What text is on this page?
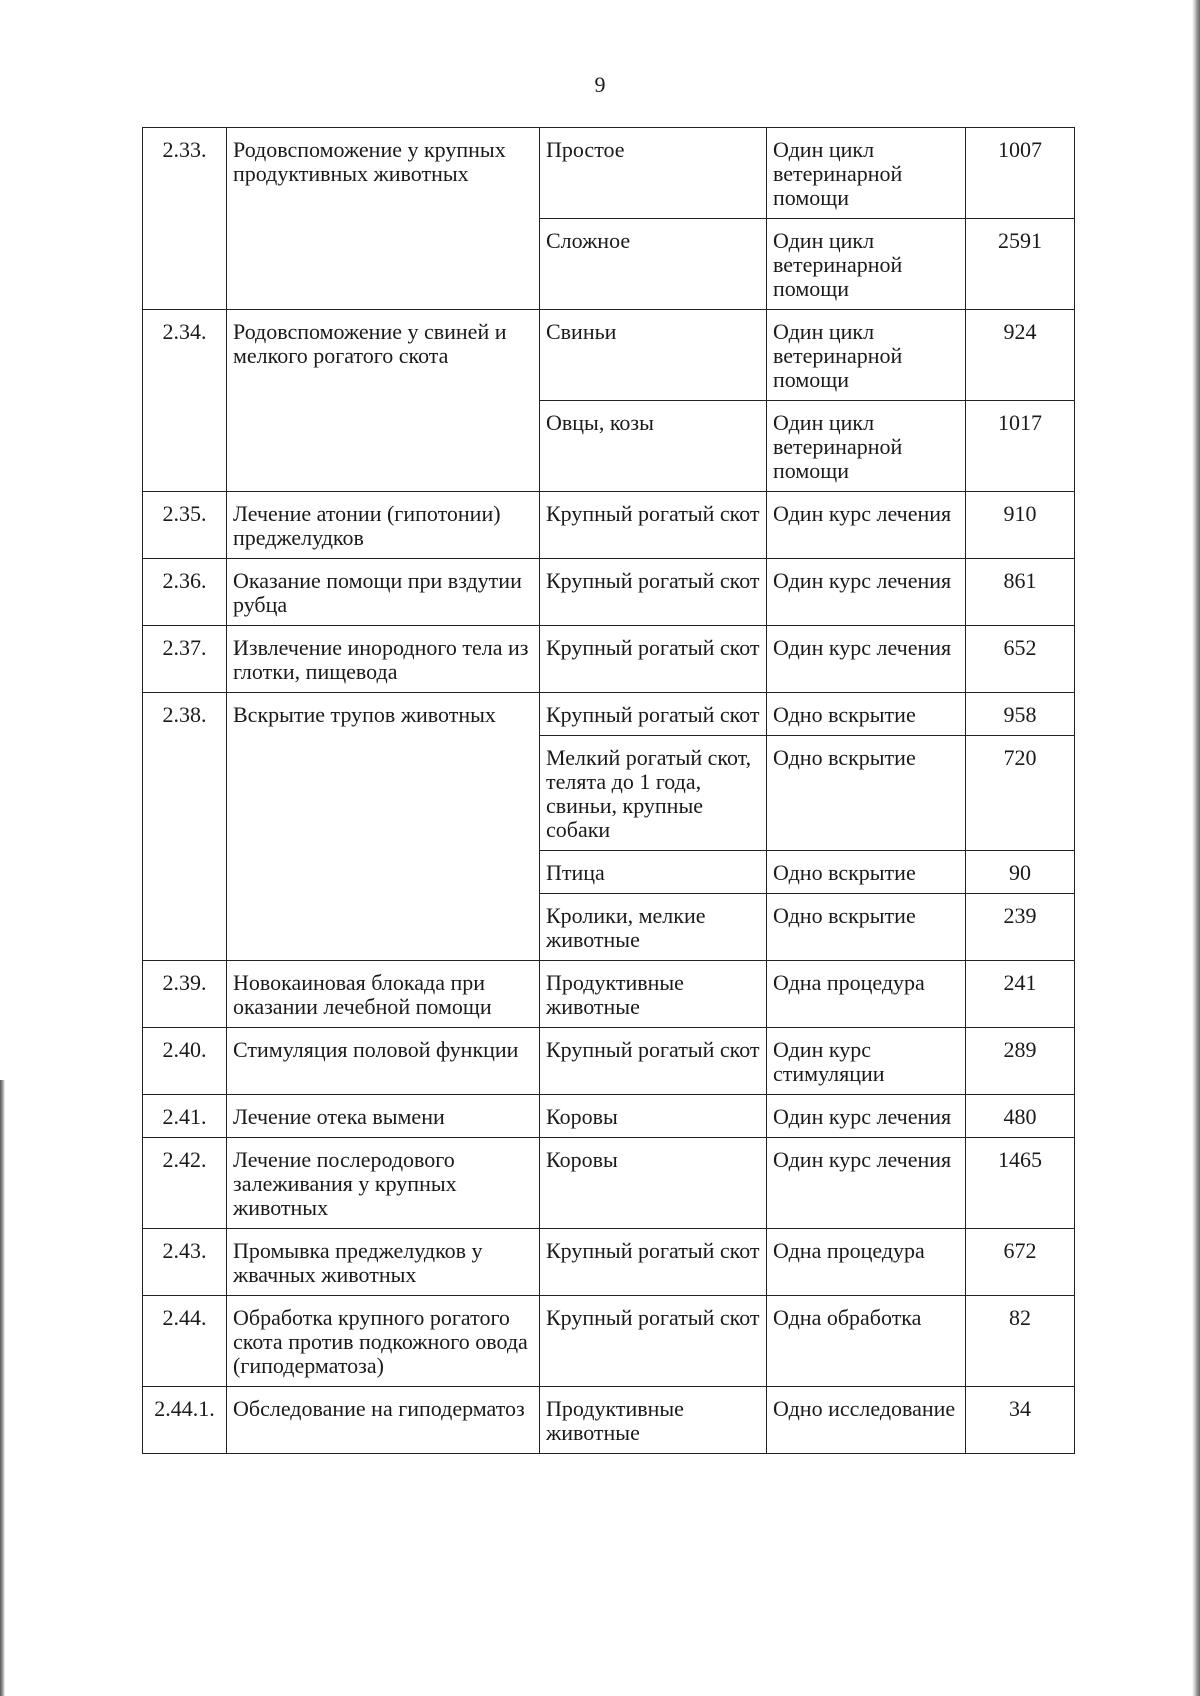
9
2.33.	Родовспоможение у крупных продуктивных животных	Простое	Один цикл ветеринарной помощи	1007
		Сложное	Один цикл ветеринарной помощи	2591
2.34.	Родовспоможение у свиней и мелкого рогатого скота	Свиньи	Один цикл ветеринарной помощи	924
		Овцы, козы	Один цикл ветеринарной помощи	1017
2.35.	Лечение атонии (гипотонии) преджелудков	Крупный рогатый скот	Один курс лечения	910
2.36.	Оказание помощи при вздутии рубца	Крупный рогатый скот	Один курс лечения	861
2.37.	Извлечение инородного тела из глотки, пищевода	Крупный рогатый скот	Один курс лечения	652
2.38.	Вскрытие трупов животных	Крупный рогатый скот	Одно вскрытие	958
		Мелкий рогатый скот, телята до 1 года, свиньи, крупные собаки	Одно вскрытие	720
		Птица	Одно вскрытие	90
		Кролики, мелкие животные	Одно вскрытие	239
2.39.	Новокаиновая блокада при оказании лечебной помощи	Продуктивные животные	Одна процедура	241
2.40.	Стимуляция половой функции	Крупный рогатый скот	Один курс стимуляции	289
2.41.	Лечение отека вымени	Коровы	Один курс лечения	480
2.42.	Лечение послеродового залеживания у крупных животных	Коровы	Один курс лечения	1465
2.43.	Промывка преджелудков у жвачных животных	Крупный рогатый скот	Одна процедура	672
2.44.	Обработка крупного рогатого скота против подкожного овода (гиподерматоза)	Крупный рогатый скот	Одна обработка	82
2.44.1.	Обследование на гиподерматоз	Продуктивные животные	Одно исследование	34
